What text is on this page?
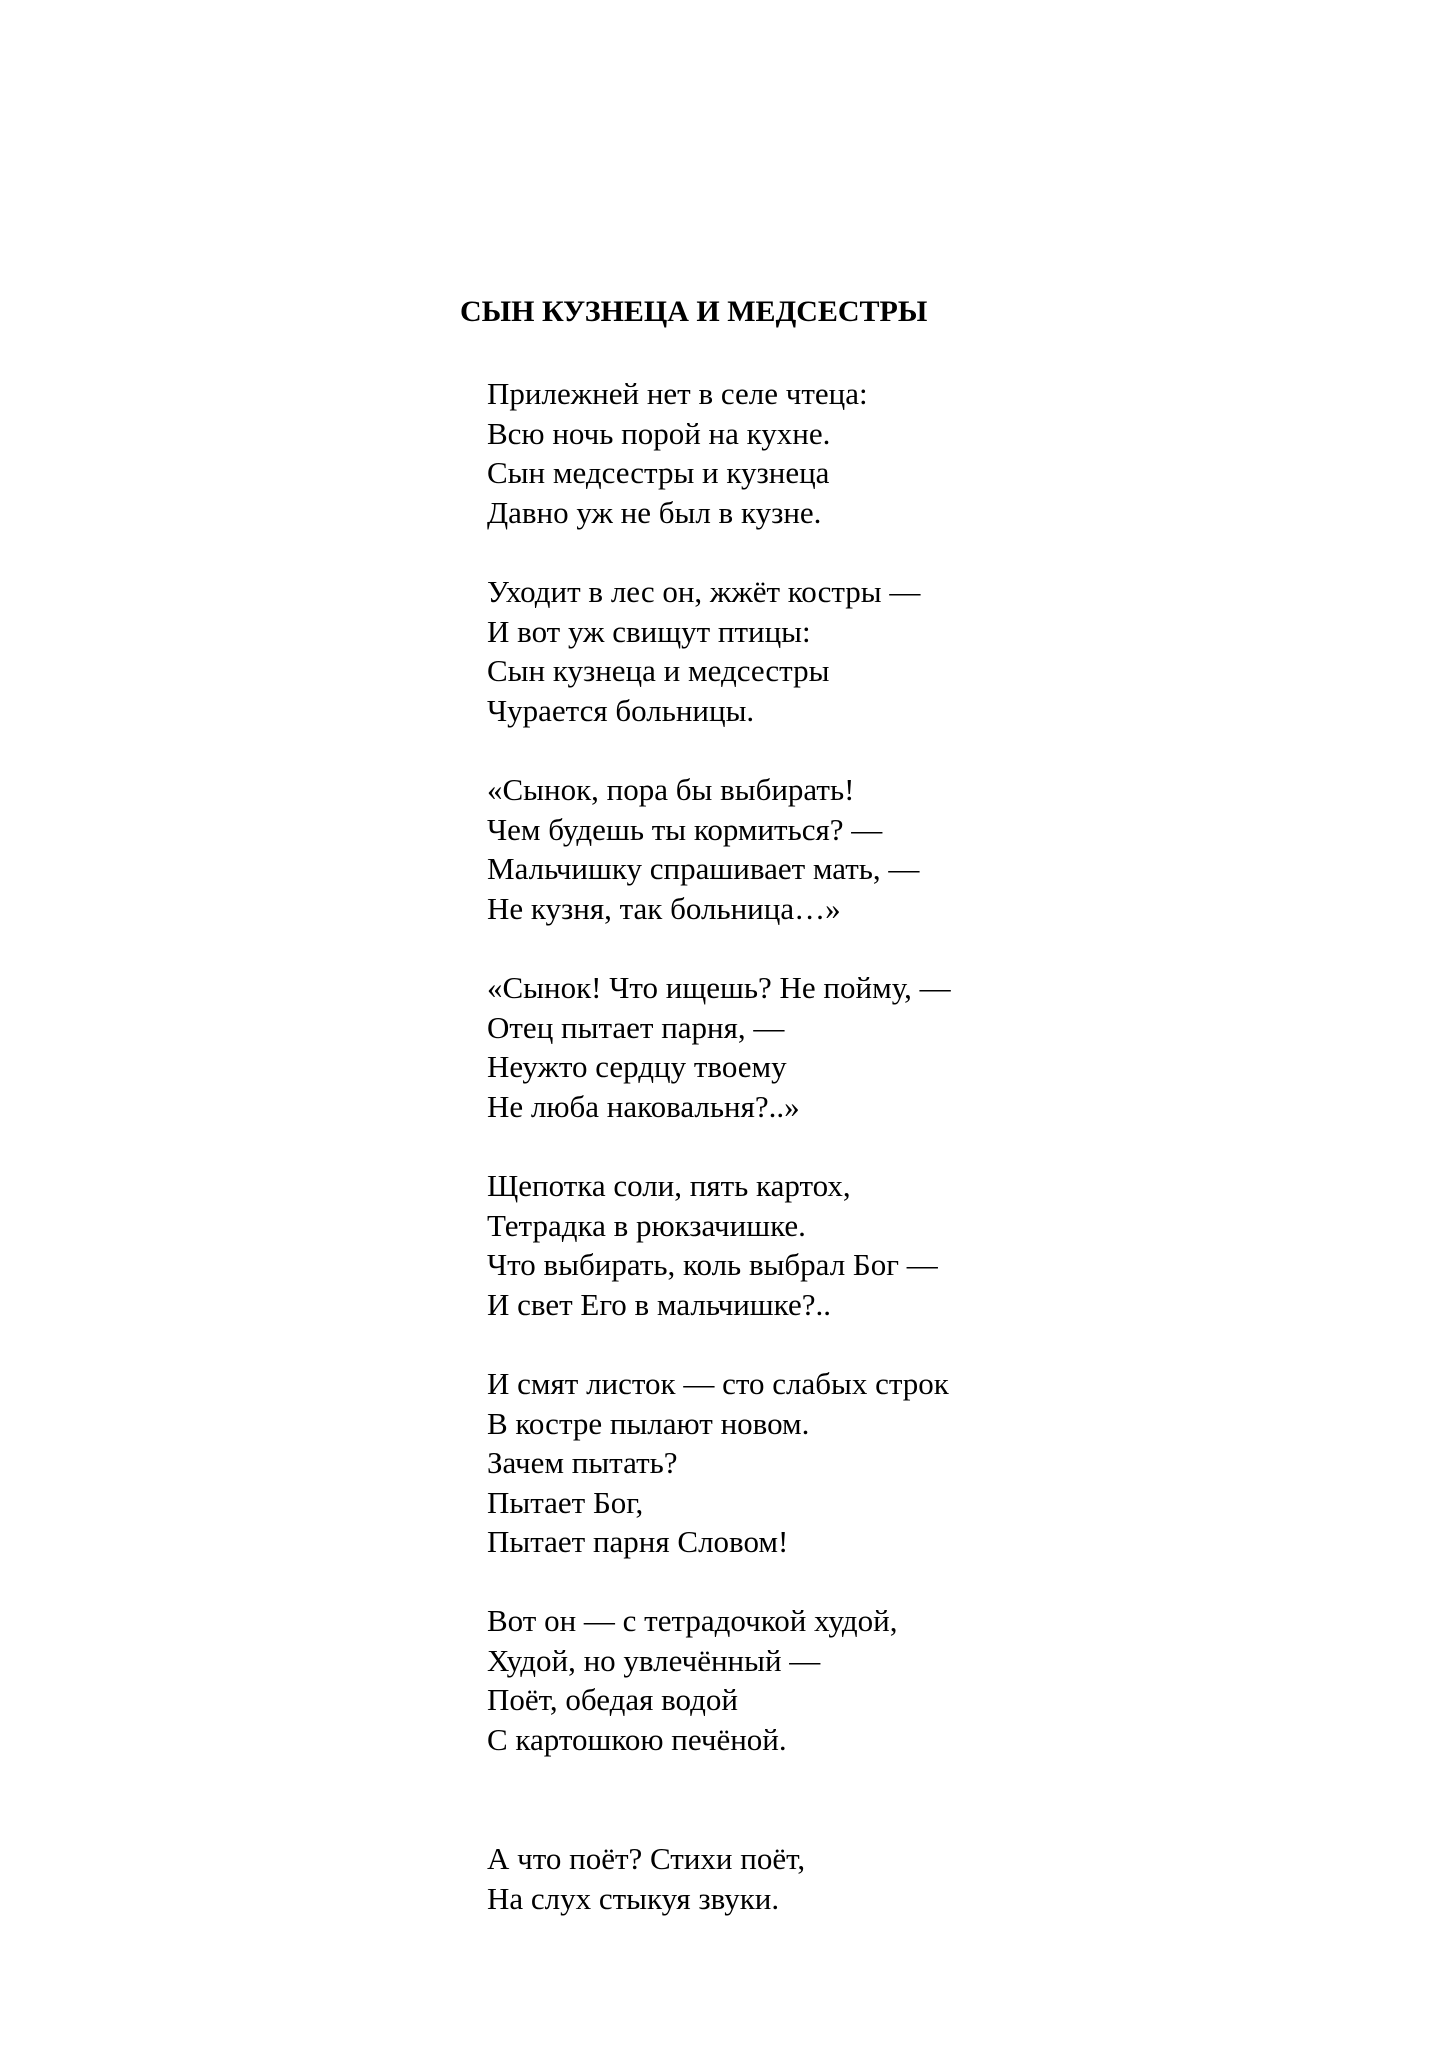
СЫН КУЗНЕЦА И МЕДСЕСТРЫ
Прилежней нет в селе чтеца:
Всю ночь порой на кухне.
Сын медсестры и кузнеца
Давно уж не был в кузне.
Уходит в лес он, жжёт костры —
И вот уж свищут птицы:
Сын кузнеца и медсестры
Чурается больницы.
«Сынок, пора бы выбирать!
Чем будешь ты кормиться? —
Мальчишку спрашивает мать, —
Не кузня, так больница…»
«Сынок! Что ищешь? Не пойму, —
Отец пытает парня, —
Неужто сердцу твоему
Не люба наковальня?..»
Щепотка соли, пять картох,
Тетрадка в рюкзачишке.
Что выбирать, коль выбрал Бог —
И свет Его в мальчишке?..
И смят листок — сто слабых строк
В костре пылают новом.
Зачем пытать?
Пытает Бог,
Пытает парня Словом!
Вот он — с тетрадочкой худой,
Худой, но увлечённый —
Поёт, обедая водой
С картошкою печёной.
А что поёт? Стихи поёт,
На слух стыкуя звуки.
